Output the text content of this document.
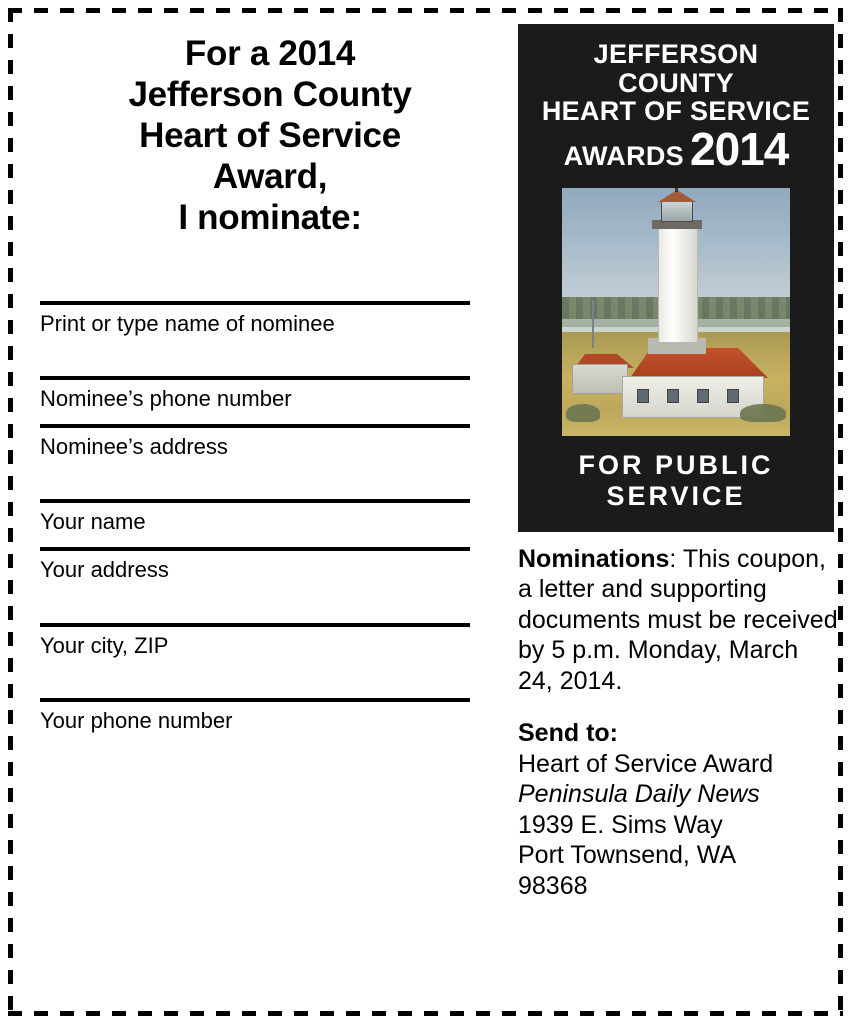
For a 2014
Jefferson County
Heart of Service
Award,
I nominate:
Print or type name of nominee
Nominee’s phone number
Nominee’s address
Your name
Your address
Your city, ZIP
Your phone number
JEFFERSON COUNTY
HEART OF SERVICE
AWARDS 2014
FOR PUBLIC
SERVICE

Nominations: This coupon, a letter and supporting documents must be received by 5 p.m. Monday, March 24, 2014.

Send to:

Heart of Service Award

Peninsula Daily News

1939 E. Sims Way

Port Townsend, WA

98368
